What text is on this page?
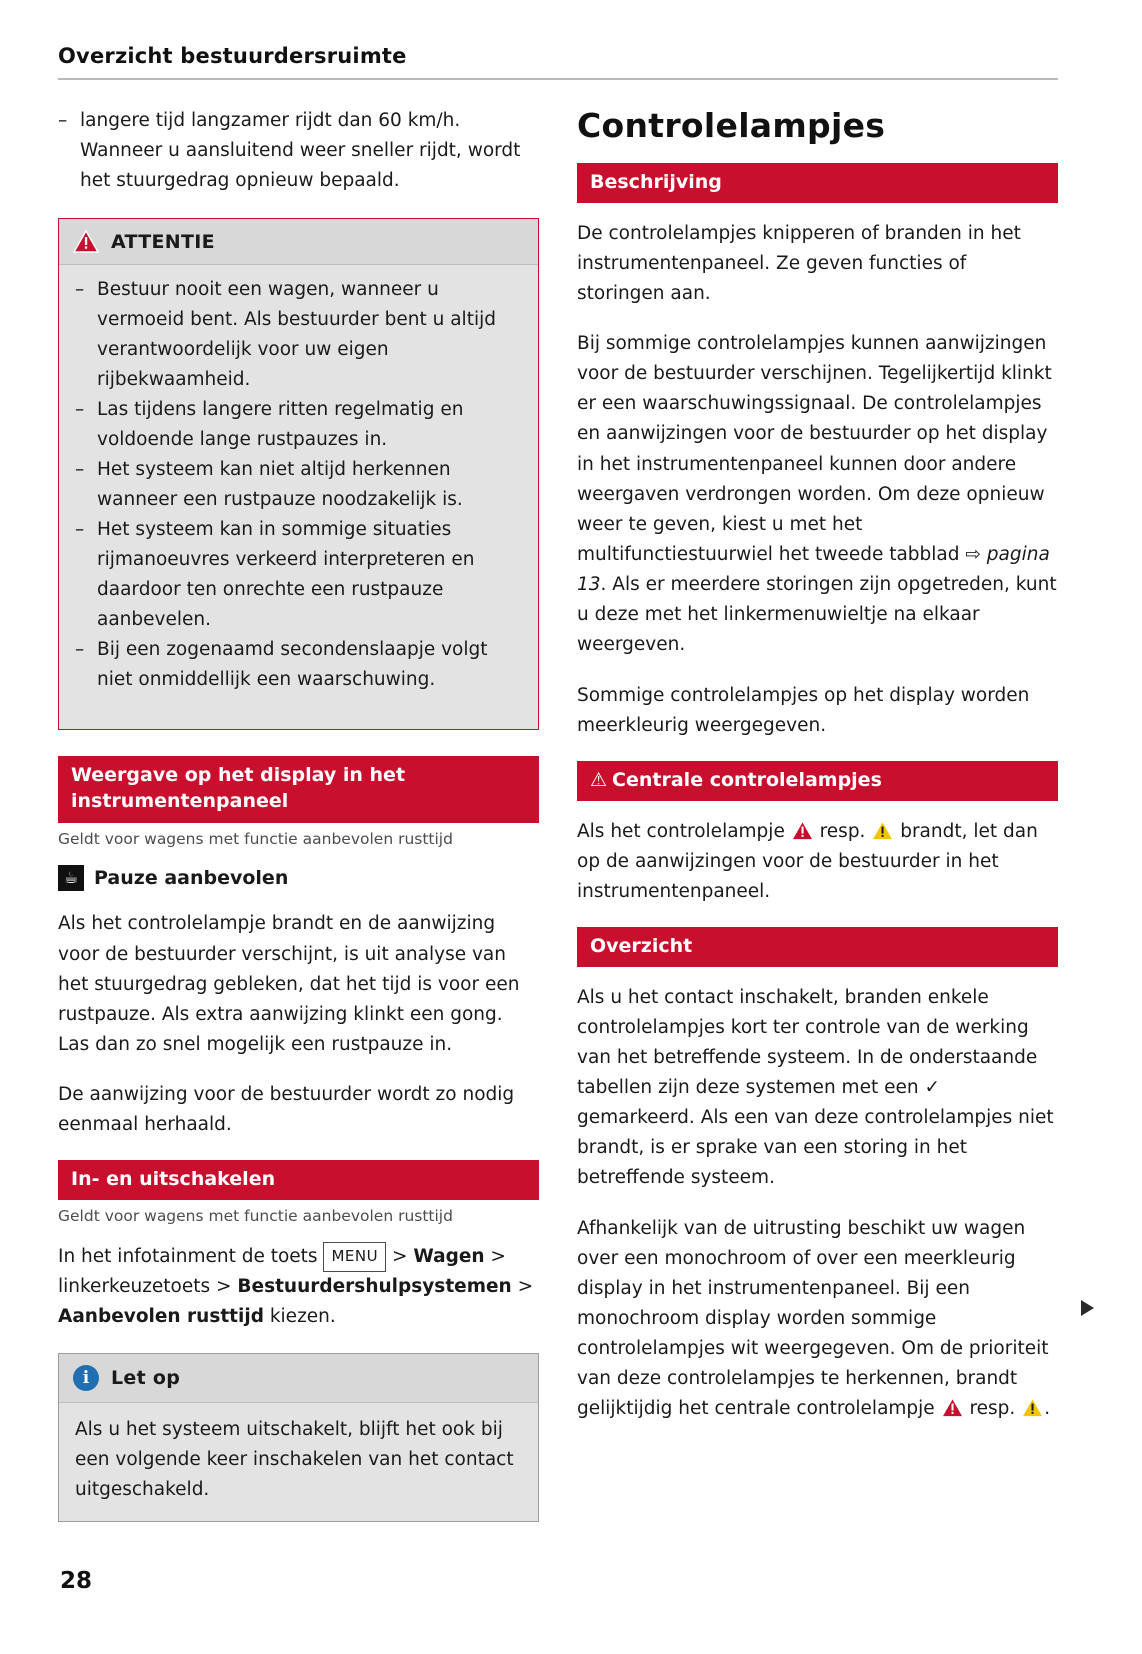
Overzicht bestuurdersruimte
– langere tijd langzamer rijdt dan 60 km/h. Wanneer u aansluitend weer sneller rijdt, wordt het stuurgedrag opnieuw bepaald.
ATTENTIE
– Bestuur nooit een wagen, wanneer u vermoeid bent. Als bestuurder bent u altijd verantwoordelijk voor uw eigen rijbekwaamheid.
– Las tijdens langere ritten regelmatig en voldoende lange rustpauzes in.
– Het systeem kan niet altijd herkennen wanneer een rustpauze noodzakelijk is.
– Het systeem kan in sommige situaties rijmanoeuvres verkeerd interpreteren en daardoor ten onrechte een rustpauze aanbevelen.
– Bij een zogenaamd secondenslaapje volgt niet onmiddellijk een waarschuwing.
Weergave op het display in het instrumentenpaneel
Geldt voor wagens met functie aanbevolen rusttijd
☕ Pauze aanbevolen

Als het controlelampje brandt en de aanwijzing voor de bestuurder verschijnt, is uit analyse van het stuurgedrag gebleken, dat het tijd is voor een rustpauze. Als extra aanwijzing klinkt een gong. Las dan zo snel mogelijk een rustpauze in.

De aanwijzing voor de bestuurder wordt zo nodig eenmaal herhaald.

In- en uitschakelen
Geldt voor wagens met functie aanbevolen rusttijd

In het infotainment de toets MENU > Wagen > linkerkeuzetoets > Bestuurdershulpsystemen > Aanbevolen rusttijd kiezen.

i	Let op

Als u het systeem uitschakelt, blijft het ook bij een volgende keer inschakelen van het contact uitgeschakeld.

Controlelampjes
Beschrijving

De controlelampjes knipperen of branden in het instrumentenpaneel. Ze geven functies of storingen aan.

Bij sommige controlelampjes kunnen aanwijzingen voor de bestuurder verschijnen. Tegelijkertijd klinkt er een waarschuwingssignaal. De controlelampjes en aanwijzingen voor de bestuurder op het display in het instrumentenpaneel kunnen door andere weergaven verdrongen worden. Om deze opnieuw weer te geven, kiest u met het multifunctiestuurwiel het tweede tabblad ⇨ pagina 13. Als er meerdere storingen zijn opgetreden, kunt u deze met het linkermenuwieltje na elkaar weergeven.

Sommige controlelampjes op het display worden meerkleurig weergegeven.

⚠ Centrale controlelampjes

Als het controlelampje  resp.  brandt, let dan op de aanwijzingen voor de bestuurder in het instrumentenpaneel.

Overzicht

Als u het contact inschakelt, branden enkele controlelampjes kort ter controle van de werking van het betreffende systeem. In de onderstaande tabellen zijn deze systemen met een ✓ gemarkeerd. Als een van deze controlelampjes niet brandt, is er sprake van een storing in het betreffende systeem.

Afhankelijk van de uitrusting beschikt uw wagen over een monochroom of over een meerkleurig display in het instrumentenpaneel. Bij een monochroom display worden sommige controlelampjes wit weergegeven. Om de prioriteit van deze controlelampjes te herkennen, brandt gelijktijdig het centrale controlelampje  resp. .

28
